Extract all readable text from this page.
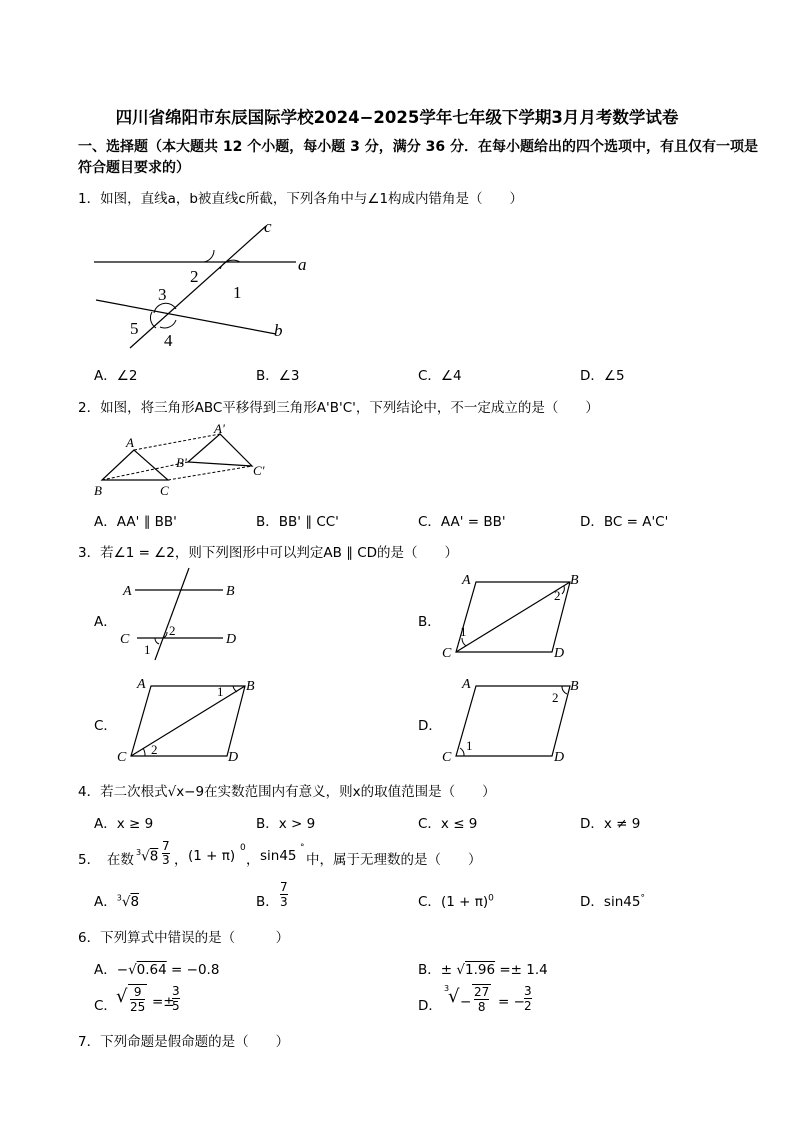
四川省绵阳市东辰国际学校2024−2025学年七年级下学期3月月考数学试卷
一、选择题（本大题共 12 个小题，每小题 3 分，满分 36 分．在每小题给出的四个选项中，有且仅有一项是符合题目要求的）
1．如图，直线a，b被直线c所截，下列各角中与∠1构成内错角是（　　）
c
a
b
1
2
3
4
5
A．∠2	B．∠3	C．∠4	D．∠5
2．如图，将三角形ABC平移得到三角形A'B'C'，下列结论中，不一定成立的是（　　）
A
B	C
A'
B'
C'
A．AA' ∥ BB'	B．BB' ∥ CC'	C．AA' = BB'	D．BC = A'C'
3．若∠1 = ∠2，则下列图形中可以判定AB ∥ CD的是（　　）
A．
A	B
C	D
2
1
B．
A	B
C	D
2
1
C．
A	B
C	D
1
2
D．
A	B
C	D
2
1
4．若二次根式√x−9在实数范围内有意义，则x的取值范围是（　　）
A．x ≥ 9	B．x > 9	C．x ≤ 9	D．x ≠ 9
5．　在数 $^3$√8
7
3 ， (1 + π) 0
， sin45 °
中，属于无理数的是（　　）
A．$^3$√8	B．
7
3	C．$(1 + \pi)^0$	D．sin45°
6．下列算式中错误的是（　　　）
A．−√0.64 = −0.8	B．± √1.96 =± 1.4
C． √ 9
25 =±
3
5	D．
3
√ −
27
8 = −
3
2
7．下列命题是假命题的是（　　）
